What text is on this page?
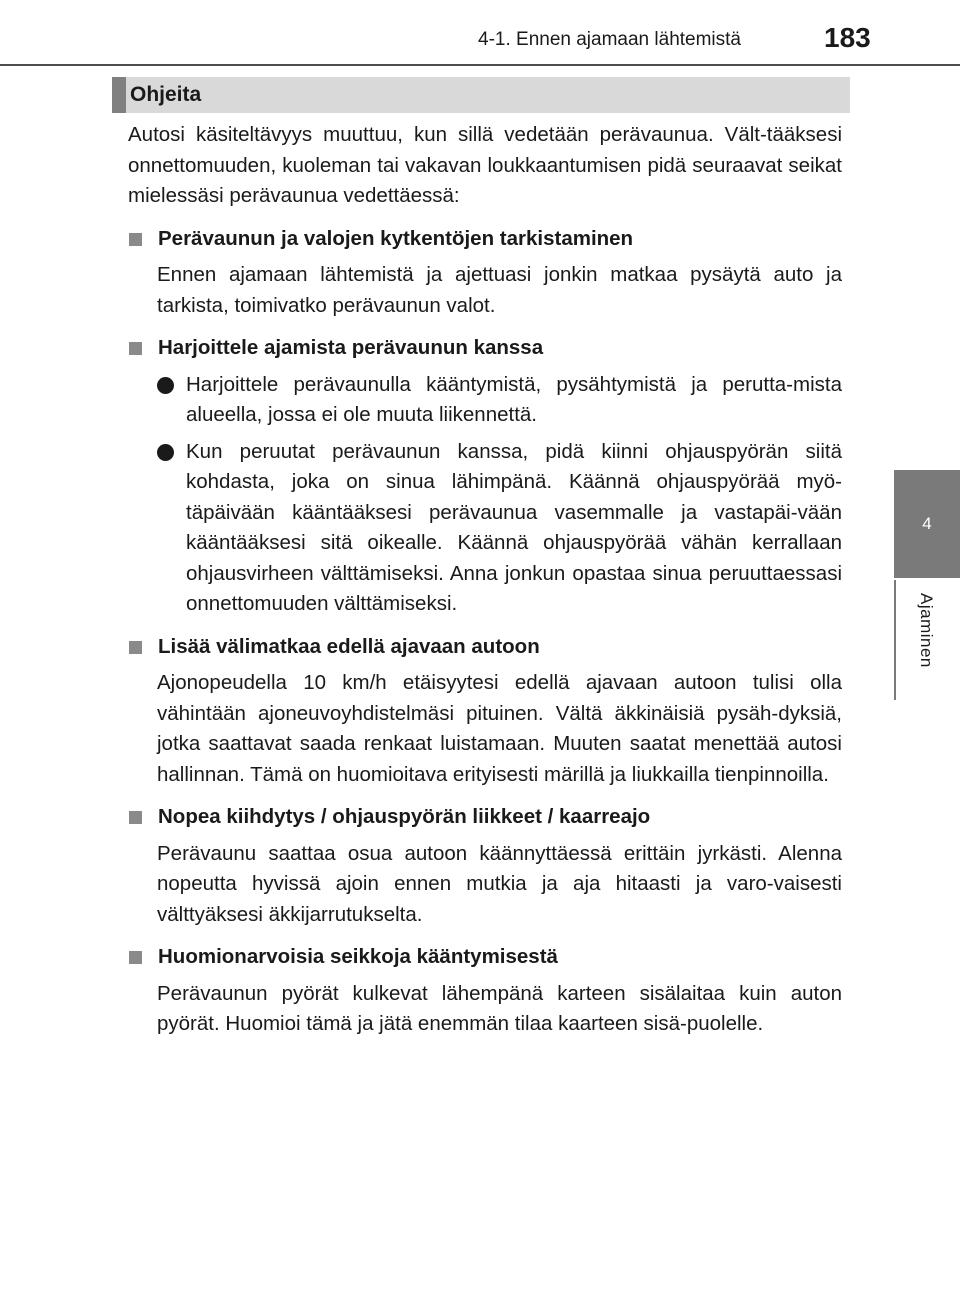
4-1. Ennen ajamaan lähtemistä	183
4
Ajaminen
Ohjeita

Autosi käsiteltävyys muuttuu, kun sillä vedetään perävaunua. Vält-tääksesi onnettomuuden, kuoleman tai vakavan loukkaantumisen pidä seuraavat seikat mielessäsi perävaunua vedettäessä:

Perävaunun ja valojen kytkentöjen tarkistaminen
Ennen ajamaan lähtemistä ja ajettuasi jonkin matkaa pysäytä auto ja tarkista, toimivatko perävaunun valot.
Harjoittele ajamista perävaunun kanssa
Harjoittele perävaunulla kääntymistä, pysähtymistä ja perutta-mista alueella, jossa ei ole muuta liikennettä.
Kun peruutat perävaunun kanssa, pidä kiinni ohjauspyörän siitä kohdasta, joka on sinua lähimpänä. Käännä ohjauspyörää myö-täpäivään kääntääksesi perävaunua vasemmalle ja vastapäi-vään kääntääksesi sitä oikealle. Käännä ohjauspyörää vähän kerrallaan ohjausvirheen välttämiseksi. Anna jonkun opastaa sinua peruuttaessasi onnettomuuden välttämiseksi.
Lisää välimatkaa edellä ajavaan autoon
Ajonopeudella 10 km/h etäisyytesi edellä ajavaan autoon tulisi olla vähintään ajoneuvoyhdistelmäsi pituinen. Vältä äkkinäisiä pysäh-dyksiä, jotka saattavat saada renkaat luistamaan. Muuten saatat menettää autosi hallinnan. Tämä on huomioitava erityisesti märillä ja liukkailla tienpinnoilla.
Nopea kiihdytys / ohjauspyörän liikkeet / kaarreajo
Perävaunu saattaa osua autoon käännyttäessä erittäin jyrkästi. Alenna nopeutta hyvissä ajoin ennen mutkia ja aja hitaasti ja varo-vaisesti välttyäksesi äkkijarrutukselta.
Huomionarvoisia seikkoja kääntymisestä
Perävaunun pyörät kulkevat lähempänä karteen sisälaitaa kuin auton pyörät. Huomioi tämä ja jätä enemmän tilaa kaarteen sisä-puolelle.
